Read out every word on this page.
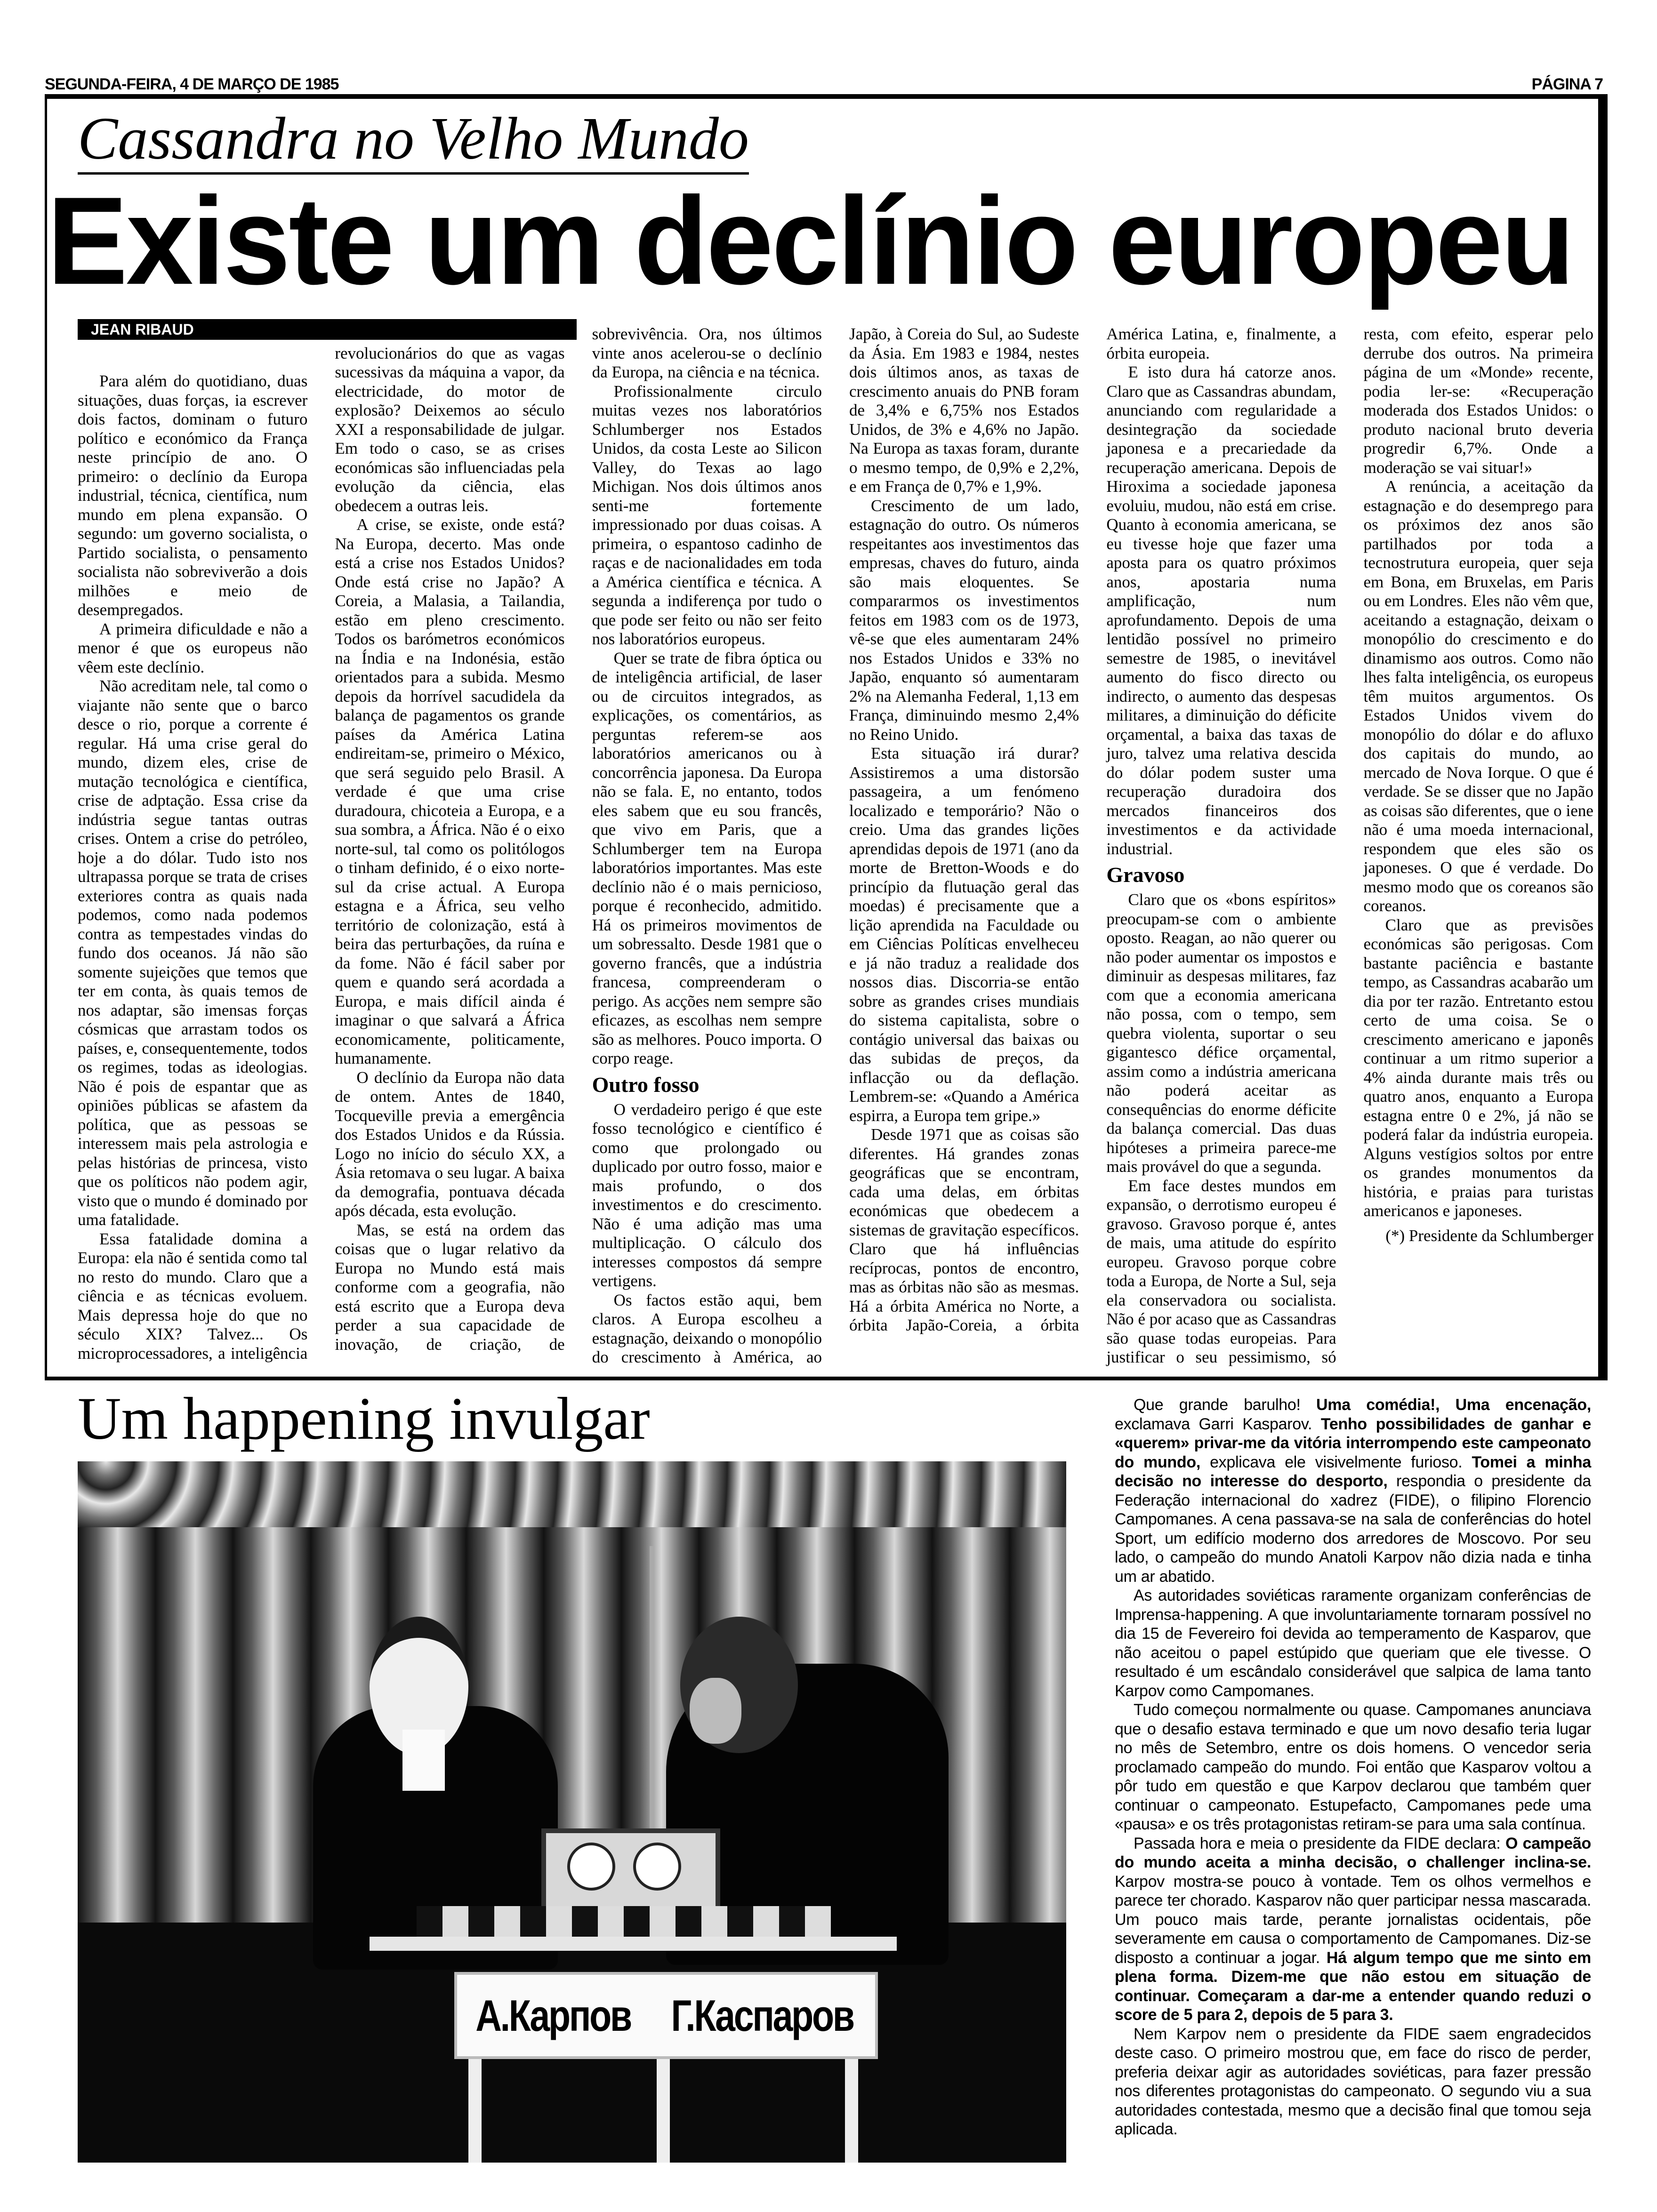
SEGUNDA-FEIRA, 4 DE MARÇO DE 1985	PÁGINA 7
Cassandra no Velho Mundo
Existe um declínio europeu
JEAN RIBAUD

Para além do quotidiano, duas situações, duas forças, ia escrever dois factos, dominam o futuro político e económico da França neste princípio de ano. O primeiro: o declínio da Europa industrial, técnica, científica, num mundo em plena expansão. O segundo: um governo socialista, o Partido socialista, o pensamento socialista não sobreviverão a dois milhões e meio de desempregados.

A primeira dificuldade e não a menor é que os europeus não vêem este declínio.

Não acreditam nele, tal como o viajante não sente que o barco desce o rio, porque a corrente é regular. Há uma crise geral do mundo, dizem eles, crise de mutação tecnológica e científica, crise de adptação. Essa crise da indústria segue tantas outras crises. Ontem a crise do petróleo, hoje a do dólar. Tudo isto nos ultrapassa porque se trata de crises exteriores contra as quais nada podemos, como nada podemos contra as tempestades vindas do fundo dos oceanos. Já não são somente sujeições que temos que ter em conta, às quais temos de nos adaptar, são imensas forças cósmicas que arrastam todos os países, e, consequentemente, todos os regimes, todas as ideologias. Não é pois de espantar que as opiniões públicas se afastem da política, que as pessoas se interessem mais pela astrologia e pelas histórias de princesa, visto que os políticos não podem agir, visto que o mundo é dominado por uma fatalidade.

Essa fatalidade domina a Europa: ela não é sentida como tal no resto do mundo. Claro que a ciência e as técnicas evoluem. Mais depressa hoje do que no século XIX? Talvez... Os microprocessadores, a inteligência artificial serão mais revolucionários do que as vagas sucessivas da máquina a vapor, da electricidade, do motor de explosão? Deixemos ao século XXI a responsabilidade de julgar. Em todo o caso, se as crises económicas são influenciadas pela evolução da ciência, elas obedecem a outras leis.

A crise, se existe, onde está? Na Europa, decerto. Mas onde está a crise nos Estados Unidos? Onde está crise no Japão? A Coreia, a Malasia, a Tailandia, estão em pleno crescimento. Todos os barómetros económicos na Índia e na Indonésia, estão orientados para a subida. Mesmo depois da horrível sacudidela da balança de pagamentos os grande países da América Latina endireitam-se, primeiro o México, que será seguido pelo Brasil. A verdade é que uma crise duradoura, chicoteia a Europa, e a sua sombra, a África. Não é o eixo norte-sul, tal como os politólogos o tinham definido, é o eixo norte-sul da crise actual. A Europa estagna e a África, seu velho território de colonização, está à beira das perturbações, da ruína e da fome. Não é fácil saber por quem e quando será acordada a Europa, e mais difícil ainda é imaginar o que salvará a África economicamente, politicamente, humanamente.

O declínio da Europa não data de ontem. Antes de 1840, Tocqueville previa a emergência dos Estados Unidos e da Rússia. Logo no início do século XX, a Ásia retomava o seu lugar. A baixa da demografia, pontuava década após década, esta evolução.

Mas, se está na ordem das coisas que o lugar relativo da Europa no Mundo está mais conforme com a geografia, não está escrito que a Europa deva perder a sua capacidade de inovação, de criação, de sobrevivência. Ora, nos últimos vinte anos acelerou-se o declínio da Europa, na ciência e na técnica.

Profissionalmente circulo muitas vezes nos laboratórios Schlumberger nos Estados Unidos, da costa Leste ao Silicon Valley, do Texas ao lago Michigan. Nos dois últimos anos senti-me fortemente impressionado por duas coisas. A primeira, o espantoso cadinho de raças e de nacionalidades em toda a América científica e técnica. A segunda a indiferença por tudo o que pode ser feito ou não ser feito nos laboratórios europeus.

Quer se trate de fibra óptica ou de inteligência artificial, de laser ou de circuitos integrados, as explicações, os comentários, as perguntas referem-se aos laboratórios americanos ou à concorrência japonesa. Da Europa não se fala. E, no entanto, todos eles sabem que eu sou francês, que vivo em Paris, que a Schlumberger tem na Europa laboratórios importantes. Mas este declínio não é o mais pernicioso, porque é reconhecido, admitido. Há os primeiros movimentos de um sobressalto. Desde 1981 que o governo francês, que a indústria francesa, compreenderam o perigo. As acções nem sempre são eficazes, as escolhas nem sempre são as melhores. Pouco importa. O corpo reage.

Outro fosso

O verdadeiro perigo é que este fosso tecnológico e científico é como que prolongado ou duplicado por outro fosso, maior e mais profundo, o dos investimentos e do crescimento. Não é uma adição mas uma multiplicação. O cálculo dos interesses compostos dá sempre vertigens.

Os factos estão aqui, bem claros. A Europa escolheu a estagnação, deixando o monopólio do crescimento à América, ao Japão, à Coreia do Sul, ao Sudeste da Ásia. Em 1983 e 1984, nestes dois últimos anos, as taxas de crescimento anuais do PNB foram de 3,4% e 6,75% nos Estados Unidos, de 3% e 4,6% no Japão. Na Europa as taxas foram, durante o mesmo tempo, de 0,9% e 2,2%, e em França de 0,7% e 1,9%.

Crescimento de um lado, estagnação do outro. Os números respeitantes aos investimentos das empresas, chaves do futuro, ainda são mais eloquentes. Se compararmos os investimentos feitos em 1983 com os de 1973, vê-se que eles aumentaram 24% nos Estados Unidos e 33% no Japão, enquanto só aumentaram 2% na Alemanha Federal, 1,13 em França, diminuindo mesmo 2,4% no Reino Unido.

Esta situação irá durar? Assistiremos a uma distorsão passageira, a um fenómeno localizado e temporário? Não o creio. Uma das grandes lições aprendidas depois de 1971 (ano da morte de Bretton-Woods e do princípio da flutuação geral das moedas) é precisamente que a lição aprendida na Faculdade ou em Ciências Políticas envelheceu e já não traduz a realidade dos nossos dias. Discorria-se então sobre as grandes crises mundiais do sistema capitalista, sobre o contágio universal das baixas ou das subidas de preços, da inflacção ou da deflação. Lembrem-se: «Quando a América espirra, a Europa tem gripe.»

Desde 1971 que as coisas são diferentes. Há grandes zonas geográficas que se encontram, cada uma delas, em órbitas económicas que obedecem a sistemas de gravitação específicos. Claro que há influências recíprocas, pontos de encontro, mas as órbitas não são as mesmas. Há a órbita América no Norte, a órbita Japão-Coreia, a órbita América Latina, e, finalmente, a órbita europeia.

E isto dura há catorze anos. Claro que as Cassandras abundam, anunciando com regularidade a desintegração da sociedade japonesa e a precariedade da recuperação americana. Depois de Hiroxima a sociedade japonesa evoluiu, mudou, não está em crise. Quanto à economia americana, se eu tivesse hoje que fazer uma aposta para os quatro próximos anos, apostaria numa amplificação, num aprofundamento. Depois de uma lentidão possível no primeiro semestre de 1985, o inevitável aumento do fisco directo ou indirecto, o aumento das despesas militares, a diminuição do déficite orçamental, a baixa das taxas de juro, talvez uma relativa descida do dólar podem suster uma recuperação duradoira dos mercados financeiros dos investimentos e da actividade industrial.

Gravoso

Claro que os «bons espíritos» preocupam-se com o ambiente oposto. Reagan, ao não querer ou não poder aumentar os impostos e diminuir as despesas militares, faz com que a economia americana não possa, com o tempo, sem quebra violenta, suportar o seu gigantesco défice orçamental, assim como a indústria americana não poderá aceitar as consequências do enorme déficite da balança comercial. Das duas hipóteses a primeira parece-me mais provável do que a segunda.

Em face destes mundos em expansão, o derrotismo europeu é gravoso. Gravoso porque é, antes de mais, uma atitude do espírito europeu. Gravoso porque cobre toda a Europa, de Norte a Sul, seja ela conservadora ou socialista. Não é por acaso que as Cassandras são quase todas europeias. Para justificar o seu pessimismo, só resta, com efeito, esperar pelo derrube dos outros. Na primeira página de um «Monde» recente, podia ler-se: «Recuperação moderada dos Estados Unidos: o produto nacional bruto deveria progredir 6,7%. Onde a moderação se vai situar!»

A renúncia, a aceitação da estagnação e do desemprego para os próximos dez anos são partilhados por toda a tecnostrutura europeia, quer seja em Bona, em Bruxelas, em Paris ou em Londres. Eles não vêm que, aceitando a estagnação, deixam o monopólio do crescimento e do dinamismo aos outros. Como não lhes falta inteligência, os europeus têm muitos argumentos. Os Estados Unidos vivem do monopólio do dólar e do afluxo dos capitais do mundo, ao mercado de Nova Iorque. O que é verdade. Se se disser que no Japão as coisas são diferentes, que o iene não é uma moeda internacional, respondem que eles são os japoneses. O que é verdade. Do mesmo modo que os coreanos são coreanos.

Claro que as previsões económicas são perigosas. Com bastante paciência e bastante tempo, as Cassandras acabarão um dia por ter razão. Entretanto estou certo de uma coisa. Se o crescimento americano e japonês continuar a um ritmo superior a 4% ainda durante mais três ou quatro anos, enquanto a Europa estagna entre 0 e 2%, já não se poderá falar da indústria europeia. Alguns vestígios soltos por entre os grandes monumentos da história, e praias para turistas americanos e japoneses.

(*) Presidente da Schlumberger

Um happening invulgar
А.Карпов Г.Каспаров

Que grande barulho! Uma comédia!, Uma encenação, exclamava Garri Kasparov. Tenho possibilidades de ganhar e «querem» privar-me da vitória interrompendo este campeonato do mundo, explicava ele visivelmente furioso. Tomei a minha decisão no interesse do desporto, respondia o presidente da Federação internacional do xadrez (FIDE), o filipino Florencio Campomanes. A cena passava-se na sala de conferências do hotel Sport, um edifício moderno dos arredores de Moscovo. Por seu lado, o campeão do mundo Anatoli Karpov não dizia nada e tinha um ar abatido.

As autoridades soviéticas raramente organizam conferências de Imprensa-happening. A que involuntariamente tornaram possível no dia 15 de Fevereiro foi devida ao temperamento de Kasparov, que não aceitou o papel estúpido que queriam que ele tivesse. O resultado é um escândalo considerável que salpica de lama tanto Karpov como Campomanes.

Tudo começou normalmente ou quase. Campomanes anunciava que o desafio estava terminado e que um novo desafio teria lugar no mês de Setembro, entre os dois homens. O vencedor seria proclamado campeão do mundo. Foi então que Kasparov voltou a pôr tudo em questão e que Karpov declarou que também quer continuar o campeonato. Estupefacto, Campomanes pede uma «pausa» e os três protagonistas retiram-se para uma sala contínua.

Passada hora e meia o presidente da FIDE declara: O campeão do mundo aceita a minha decisão, o challenger inclina-se. Karpov mostra-se pouco à vontade. Tem os olhos vermelhos e parece ter chorado. Kasparov não quer participar nessa mascarada. Um pouco mais tarde, perante jornalistas ocidentais, põe severamente em causa o comportamento de Campomanes. Diz-se disposto a continuar a jogar. Há algum tempo que me sinto em plena forma. Dizem-me que não estou em situação de continuar. Começaram a dar-me a entender quando reduzi o score de 5 para 2, depois de 5 para 3.

Nem Karpov nem o presidente da FIDE saem engradecidos deste caso. O primeiro mostrou que, em face do risco de perder, preferia deixar agir as autoridades soviéticas, para fazer pressão nos diferentes protagonistas do campeonato. O segundo viu a sua autoridades contestada, mesmo que a decisão final que tomou seja aplicada.
